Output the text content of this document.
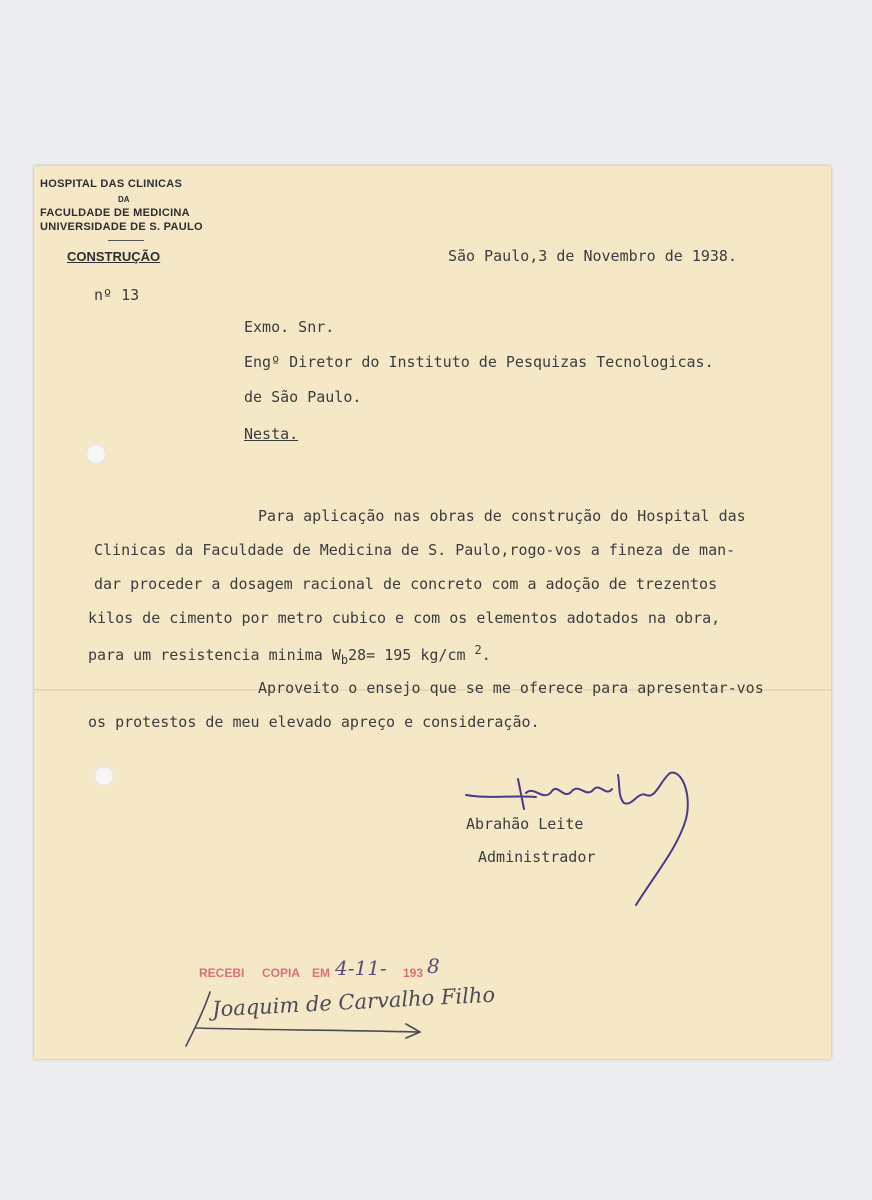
HOSPITAL DAS CLINICAS
DA
FACULDADE DE MEDICINA
UNIVERSIDADE DE S. PAULO
CONSTRUÇÃO	São Paulo,3 de Novembro de 1938.
nº 13
Exmo. Snr.
Engº Diretor do Instituto de Pesquizas Tecnologicas.
de São Paulo.
Nesta.
Para aplicação nas obras de construção do Hospital das
Clinicas da Faculdade de Medicina de S. Paulo,rogo-vos a fineza de man-
dar proceder a dosagem racional de concreto com a adoção de trezentos
kilos de cimento por metro cubico e com os elementos adotados na obra,
para um resistencia minima $W_b28= 195$ kg/cm $^2$.
Aproveito o ensejo que se me oferece para apresentar-vos
os protestos de meu elevado apreço e consideração.
Abrahão Leite
Administrador
RECEBI COPIA EM 4-11- 193 8
Joaquim de Carvalho Filho
